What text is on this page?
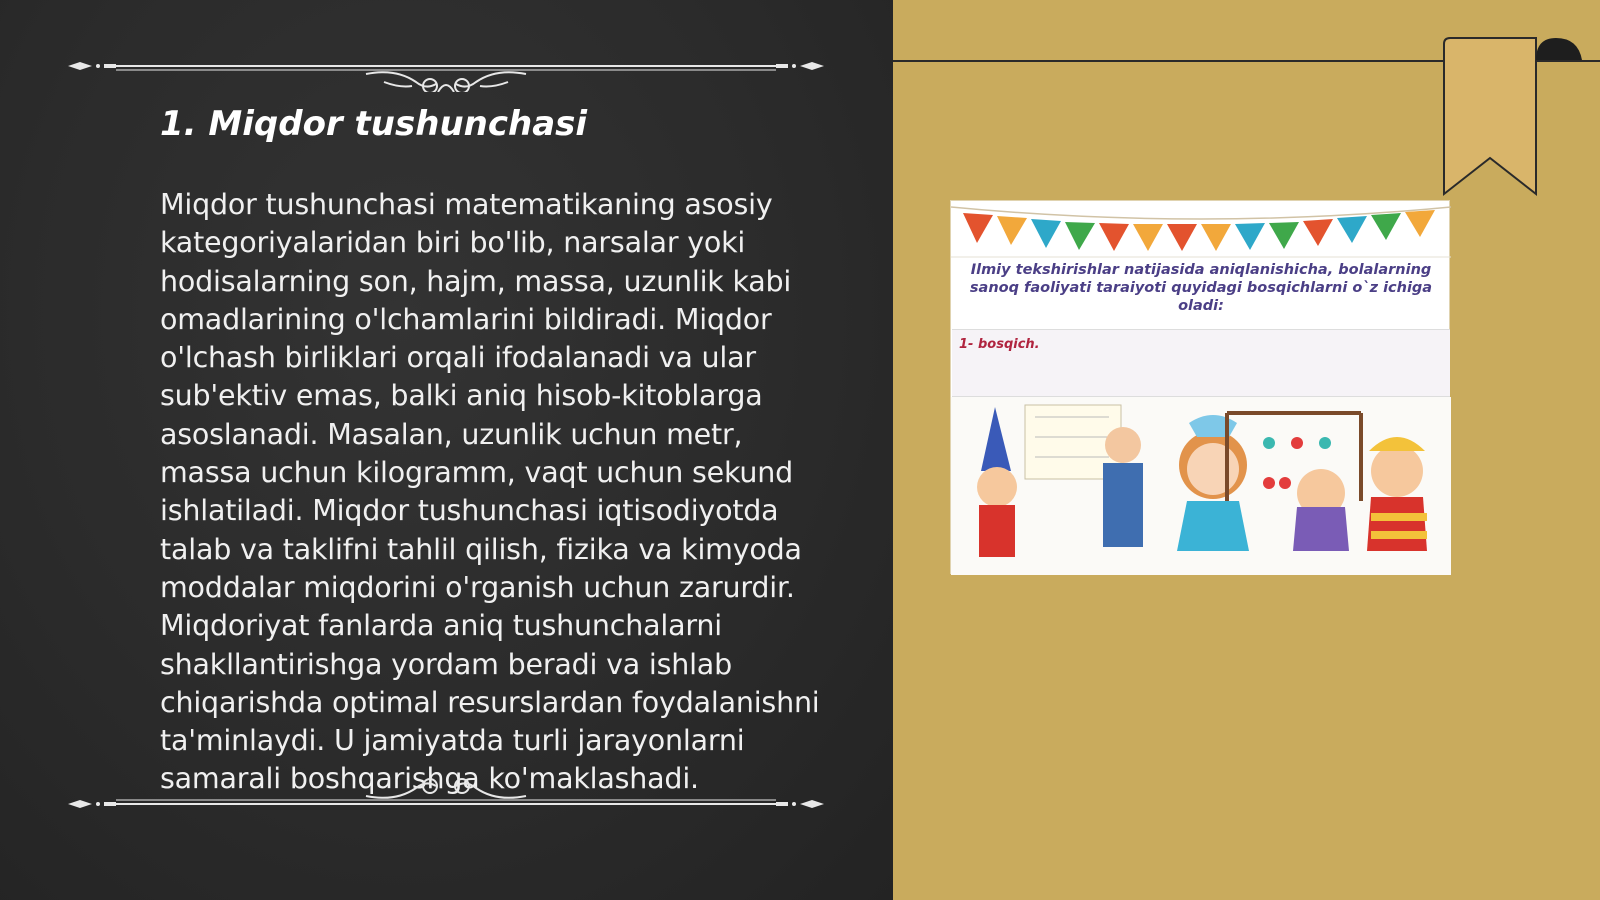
1. Miqdor tushunchasi
Miqdor tushunchasi matematikaning asosiy kategoriyalaridan biri bo'lib, narsalar yoki hodisalarning son, hajm, massa, uzunlik kabi omadlarining o'lchamlarini bildiradi. Miqdor o'lchash birliklari orqali ifodalanadi va ular sub'ektiv emas, balki aniq hisob-kitoblarga asoslanadi. Masalan, uzunlik uchun metr, massa uchun kilogramm, vaqt uchun sekund ishlatiladi. Miqdor tushunchasi iqtisodiyotda talab va taklifni tahlil qilish, fizika va kimyoda moddalar miqdorini o'rganish uchun zarurdir. Miqdoriyat fanlarda aniq tushunchalarni shakllantirishga yordam beradi va ishlab chiqarishda optimal resurslardan foydalanishni ta'minlaydi. U jamiyatda turli jarayonlarni samarali boshqarishga ko'maklashadi.
Ilmiy tekshirishlar natijasida aniqlanishicha, bolalarning sanoq faoliyati taraiyoti quyidagi bosqichlarni o`z ichiga oladi:
1- bosqich.
